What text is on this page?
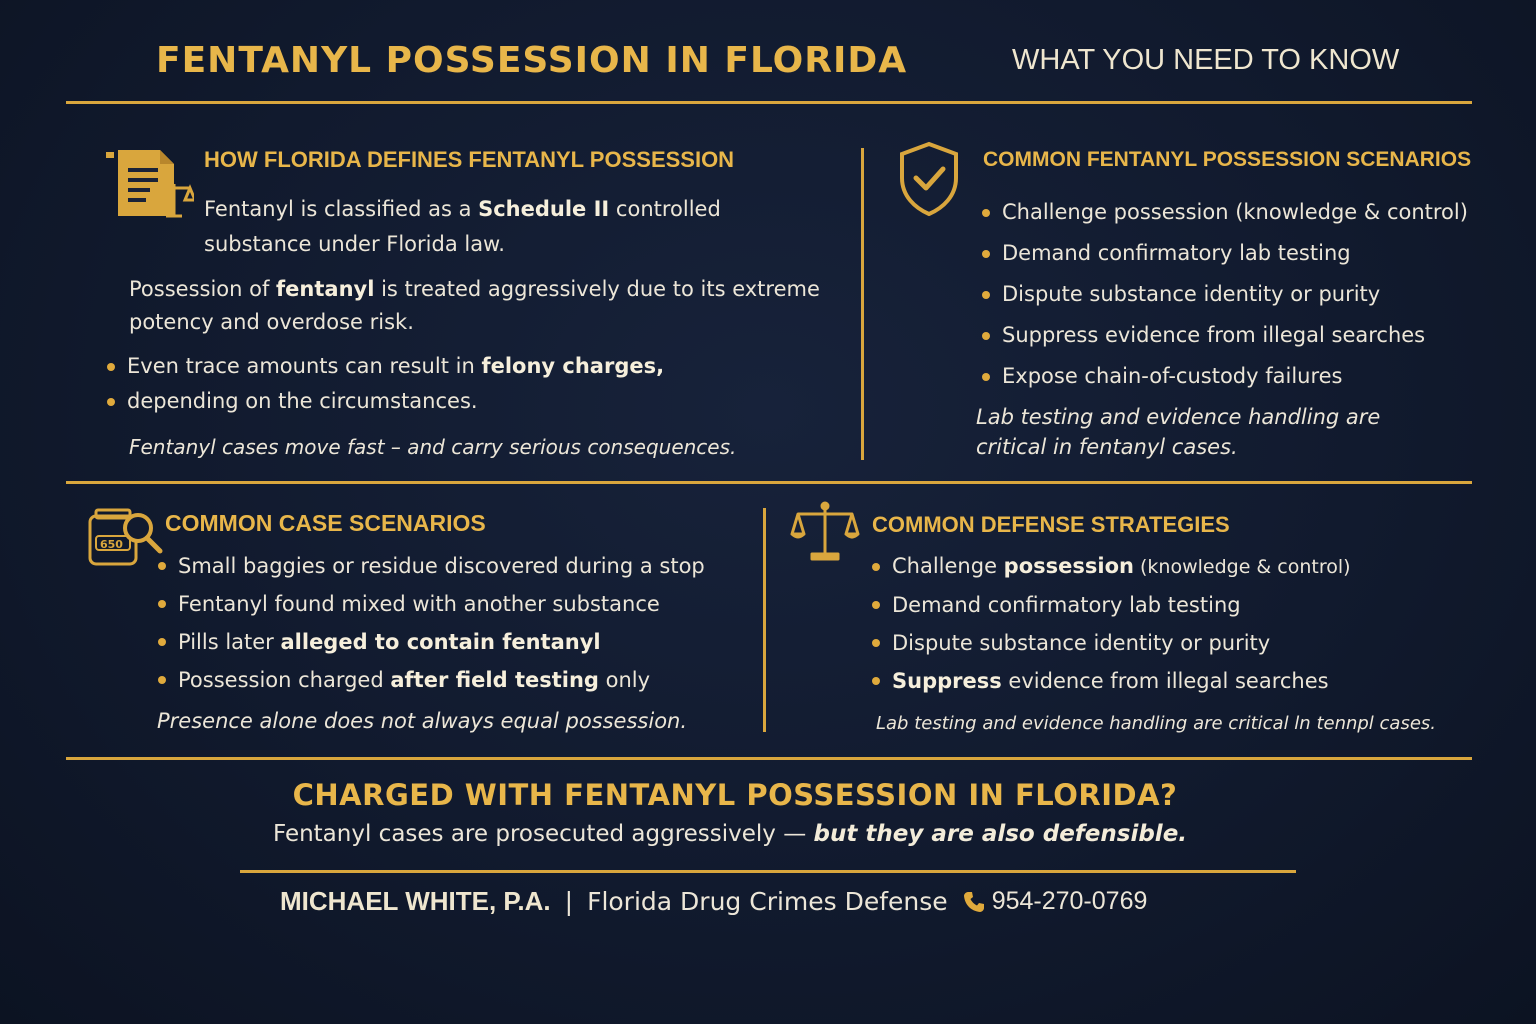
FENTANYL POSSESSION IN FLORIDA	WHAT YOU NEED TO KNOW
HOW FLORIDA DEFINES FENTANYL POSSESSION
Fentanyl is classified as a Schedule II controlled
substance under Florida law.
Possession of fentanyl is treated aggressively due to its extreme
potency and overdose risk.
Even trace amounts can result in felony charges,
depending on the circumstances.
Fentanyl cases move fast – and carry serious consequences.
COMMON FENTANYL POSSESSION SCENARIOS
Challenge possession (knowledge & control)
Demand confirmatory lab testing
Dispute substance identity or purity
Suppress evidence from illegal searches
Expose chain-of-custody failures
Lab testing and evidence handling are
critical in fentanyl cases.
650
COMMON CASE SCENARIOS
Small baggies or residue discovered during a stop
Fentanyl found mixed with another substance
Pills later alleged to contain fentanyl
Possession charged after field testing only
Presence alone does not always equal possession.
COMMON DEFENSE STRATEGIES
Challenge possession (knowledge & control)
Demand confirmatory lab testing
Dispute substance identity or purity
Suppress evidence from illegal searches
Lab testing and evidence handling are critical ln tennpl cases.
CHARGED WITH FENTANYL POSSESSION IN FLORIDA?
Fentanyl cases are prosecuted aggressively — but they are also defensible.
MICHAEL WHITE, P.A. | Florida Drug Crimes Defense 954-270-0769
